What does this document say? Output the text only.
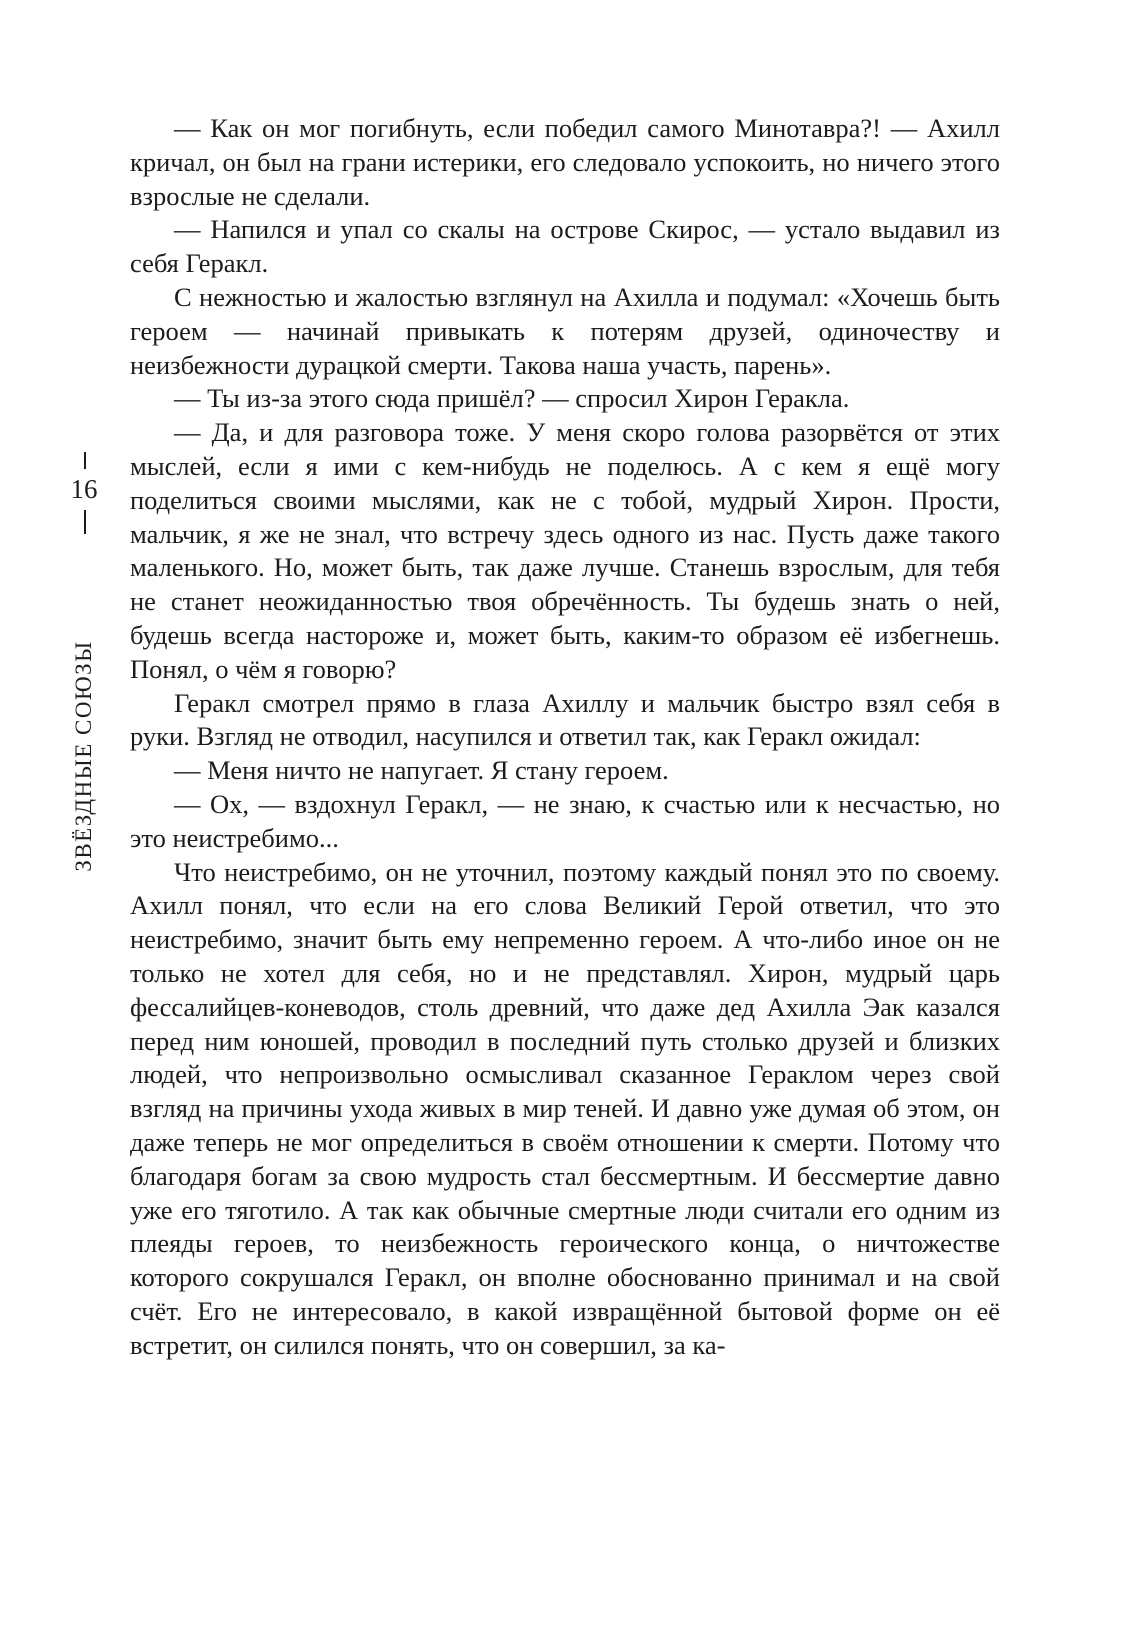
16
ЗВЁЗДНЫЕ СОЮЗЫ

— Как он мог погибнуть, если победил самого Минотавра?! — Ахилл кричал, он был на грани истерики, его следовало успокоить, но ничего этого взрослые не сделали.

— Напился и упал со скалы на острове Скирос, — устало выдавил из себя Геракл.

С нежностью и жалостью взглянул на Ахилла и подумал: «Хочешь быть героем — начинай привыкать к потерям друзей, одиночеству и неизбежности дурацкой смерти. Такова наша участь, парень».

— Ты из-за этого сюда пришёл? — спросил Хирон Геракла.

— Да, и для разговора тоже. У меня скоро голова разорвётся от этих мыслей, если я ими с кем-нибудь не поделюсь. А с кем я ещё могу поделиться своими мыслями, как не с тобой, мудрый Хирон. Прости, мальчик, я же не знал, что встречу здесь одного из нас. Пусть даже такого маленького. Но, может быть, так даже лучше. Станешь взрослым, для тебя не станет неожиданностью твоя обречённость. Ты будешь знать о ней, будешь всегда настороже и, может быть, каким-то образом её избегнешь. Понял, о чём я говорю?

Геракл смотрел прямо в глаза Ахиллу и мальчик быстро взял себя в руки. Взгляд не отводил, насупился и ответил так, как Геракл ожидал:

— Меня ничто не напугает. Я стану героем.

— Ох, — вздохнул Геракл, — не знаю, к счастью или к несчастью, но это неистребимо...

Что неистребимо, он не уточнил, поэтому каждый понял это по своему. Ахилл понял, что если на его слова Великий Герой ответил, что это неистребимо, значит быть ему непременно героем. А что-либо иное он не только не хотел для себя, но и не представлял. Хирон, мудрый царь фессалийцев-коневодов, столь древний, что даже дед Ахилла Эак казался перед ним юношей, проводил в последний путь столько друзей и близких людей, что непроизвольно осмысливал сказанное Гераклом через свой взгляд на причины ухода живых в мир теней. И давно уже думая об этом, он даже теперь не мог определиться в своём отношении к смерти. Потому что благодаря богам за свою мудрость стал бессмертным. И бессмертие давно уже его тяготило. А так как обычные смертные люди считали его одним из плеяды героев, то неизбежность героического конца, о ничтожестве которого сокрушался Геракл, он вполне обоснованно принимал и на свой счёт. Его не интересовало, в какой извращённой бытовой форме он её встретит, он силился понять, что он совершил, за ка-
